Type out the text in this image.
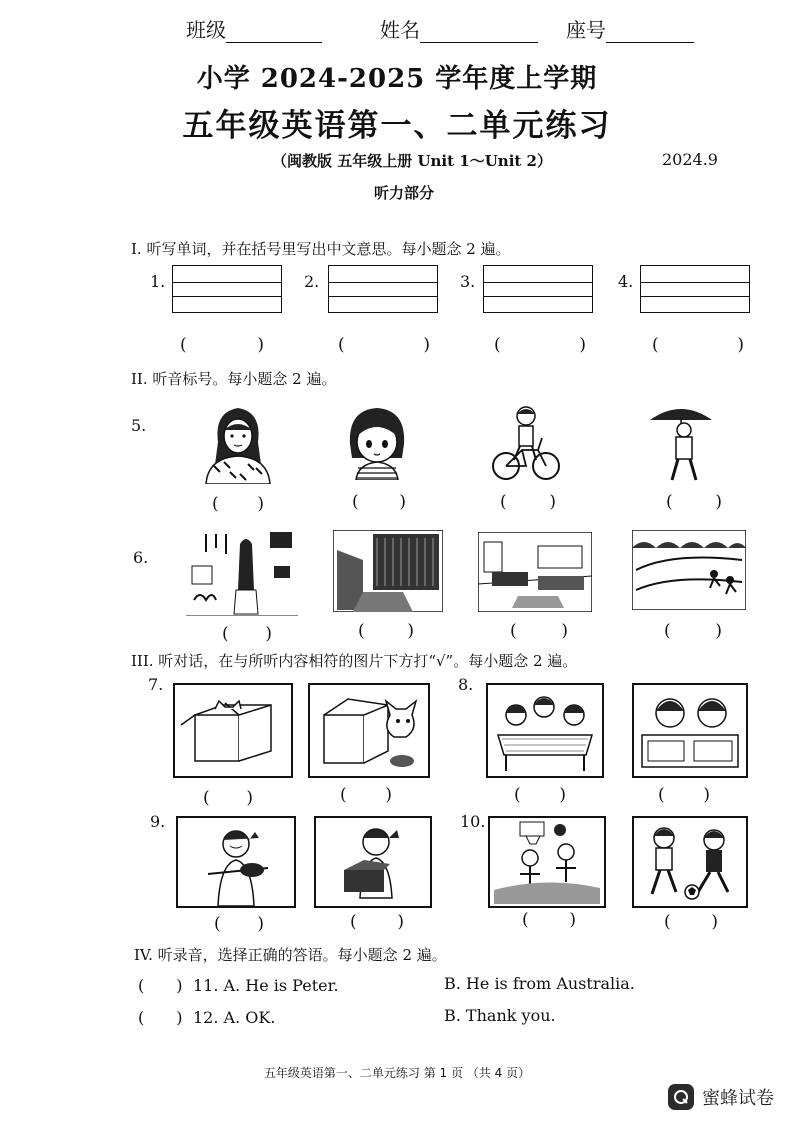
班级	姓名	座号
小学 2024-2025 学年度上学期
五年级英语第一、二单元练习
（闽教版 五年级上册 Unit 1～Unit 2）	2024.9
听力部分
I. 听写单词，并在括号里写出中文意思。每小题念 2 遍。
1.	2.	3.	4.
(	)	(	)	(	)	(	)
II. 听音标号。每小题念 2 遍。
5.
( )	( )	(	)	(	)
6.
( )	(	)	(	)	(	)
III. 听对话，在与所听内容相符的图片下方打“√”。每小题念 2 遍。
7.	8.
( )	( )	( )	( )
9.	10.
( )	( )	( )	( )
IV. 听录音，选择正确的答语。每小题念 2 遍。
( ) 11. A. He is Peter.	B. He is from Australia.
( ) 12. A. OK.	B. Thank you.
五年级英语第一、二单元练习 第 1 页 （共 4 页）
蜜蜂试卷
